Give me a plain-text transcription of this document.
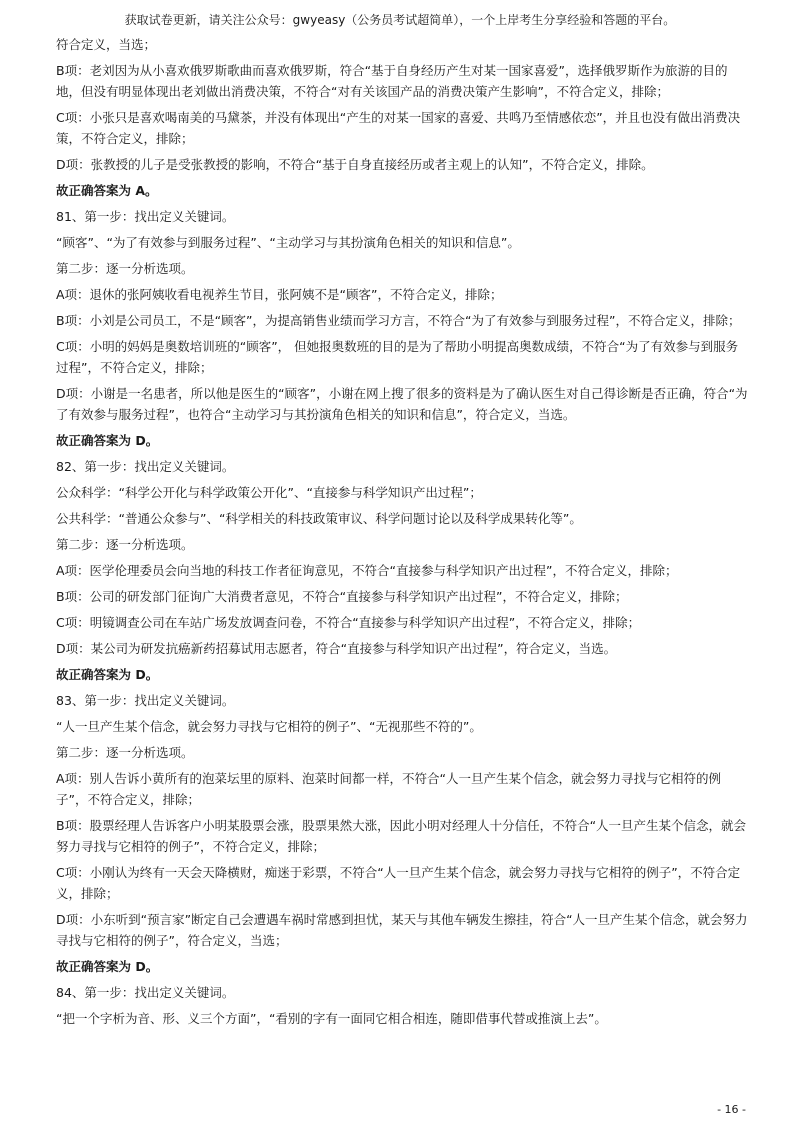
获取试卷更新，请关注公众号：gwyeasy（公务员考试超简单），一个上岸考生分享经验和答题的平台。

符合定义，当选；

B项：老刘因为从小喜欢俄罗斯歌曲而喜欢俄罗斯，符合“基于自身经历产生对某一国家喜爱”，选择俄罗斯作为旅游的目的地，但没有明显体现出老刘做出消费决策，不符合“对有关该国产品的消费决策产生影响”，不符合定义，排除；

C项：小张只是喜欢喝南美的马黛茶，并没有体现出“产生的对某一国家的喜爱、共鸣乃至情感依恋”，并且也没有做出消费决策，不符合定义，排除；

D项：张教授的儿子是受张教授的影响，不符合“基于自身直接经历或者主观上的认知”，不符合定义，排除。

故正确答案为 A。

81、第一步：找出定义关键词。

“顾客”、“为了有效参与到服务过程”、“主动学习与其扮演角色相关的知识和信息”。

第二步：逐一分析选项。

A项：退休的张阿姨收看电视养生节目，张阿姨不是“顾客”，不符合定义，排除；

B项：小刘是公司员工，不是“顾客”，为提高销售业绩而学习方言，不符合“为了有效参与到服务过程”，不符合定义，排除；

C项：小明的妈妈是奥数培训班的“顾客”， 但她报奥数班的目的是为了帮助小明提高奥数成绩，不符合“为了有效参与到服务过程”，不符合定义，排除；

D项：小谢是一名患者，所以他是医生的“顾客”，小谢在网上搜了很多的资料是为了确认医生对自己得诊断是否正确，符合“为了有效参与服务过程”，也符合“主动学习与其扮演角色相关的知识和信息”，符合定义，当选。

故正确答案为 D。

82、第一步：找出定义关键词。

公众科学：“科学公开化与科学政策公开化”、“直接参与科学知识产出过程”；

公共科学：“普通公众参与”、“科学相关的科技政策审议、科学问题讨论以及科学成果转化等”。

第二步：逐一分析选项。

A项：医学伦理委员会向当地的科技工作者征询意见，不符合“直接参与科学知识产出过程”，不符合定义，排除；

B项：公司的研发部门征询广大消费者意见，不符合“直接参与科学知识产出过程”，不符合定义，排除；

C项：明镜调查公司在车站广场发放调查问卷，不符合“直接参与科学知识产出过程”，不符合定义，排除；

D项：某公司为研发抗癌新药招募试用志愿者，符合“直接参与科学知识产出过程”，符合定义，当选。

故正确答案为 D。

83、第一步：找出定义关键词。

“人一旦产生某个信念，就会努力寻找与它相符的例子”、“无视那些不符的”。

第二步：逐一分析选项。

A项：别人告诉小黄所有的泡菜坛里的原料、泡菜时间都一样，不符合“人一旦产生某个信念，就会努力寻找与它相符的例子”，不符合定义，排除；

B项：股票经理人告诉客户小明某股票会涨，股票果然大涨，因此小明对经理人十分信任，不符合“人一旦产生某个信念，就会努力寻找与它相符的例子”，不符合定义，排除；

C项：小刚认为终有一天会天降横财，痴迷于彩票，不符合“人一旦产生某个信念，就会努力寻找与它相符的例子”，不符合定义，排除；

D项：小东听到“预言家”断定自己会遭遇车祸时常感到担忧，某天与其他车辆发生擦挂，符合“人一旦产生某个信念，就会努力寻找与它相符的例子”，符合定义，当选；

故正确答案为 D。

84、第一步：找出定义关键词。

“把一个字析为音、形、义三个方面”，“看别的字有一面同它相合相连，随即借事代替或推演上去”。

- 16 -
